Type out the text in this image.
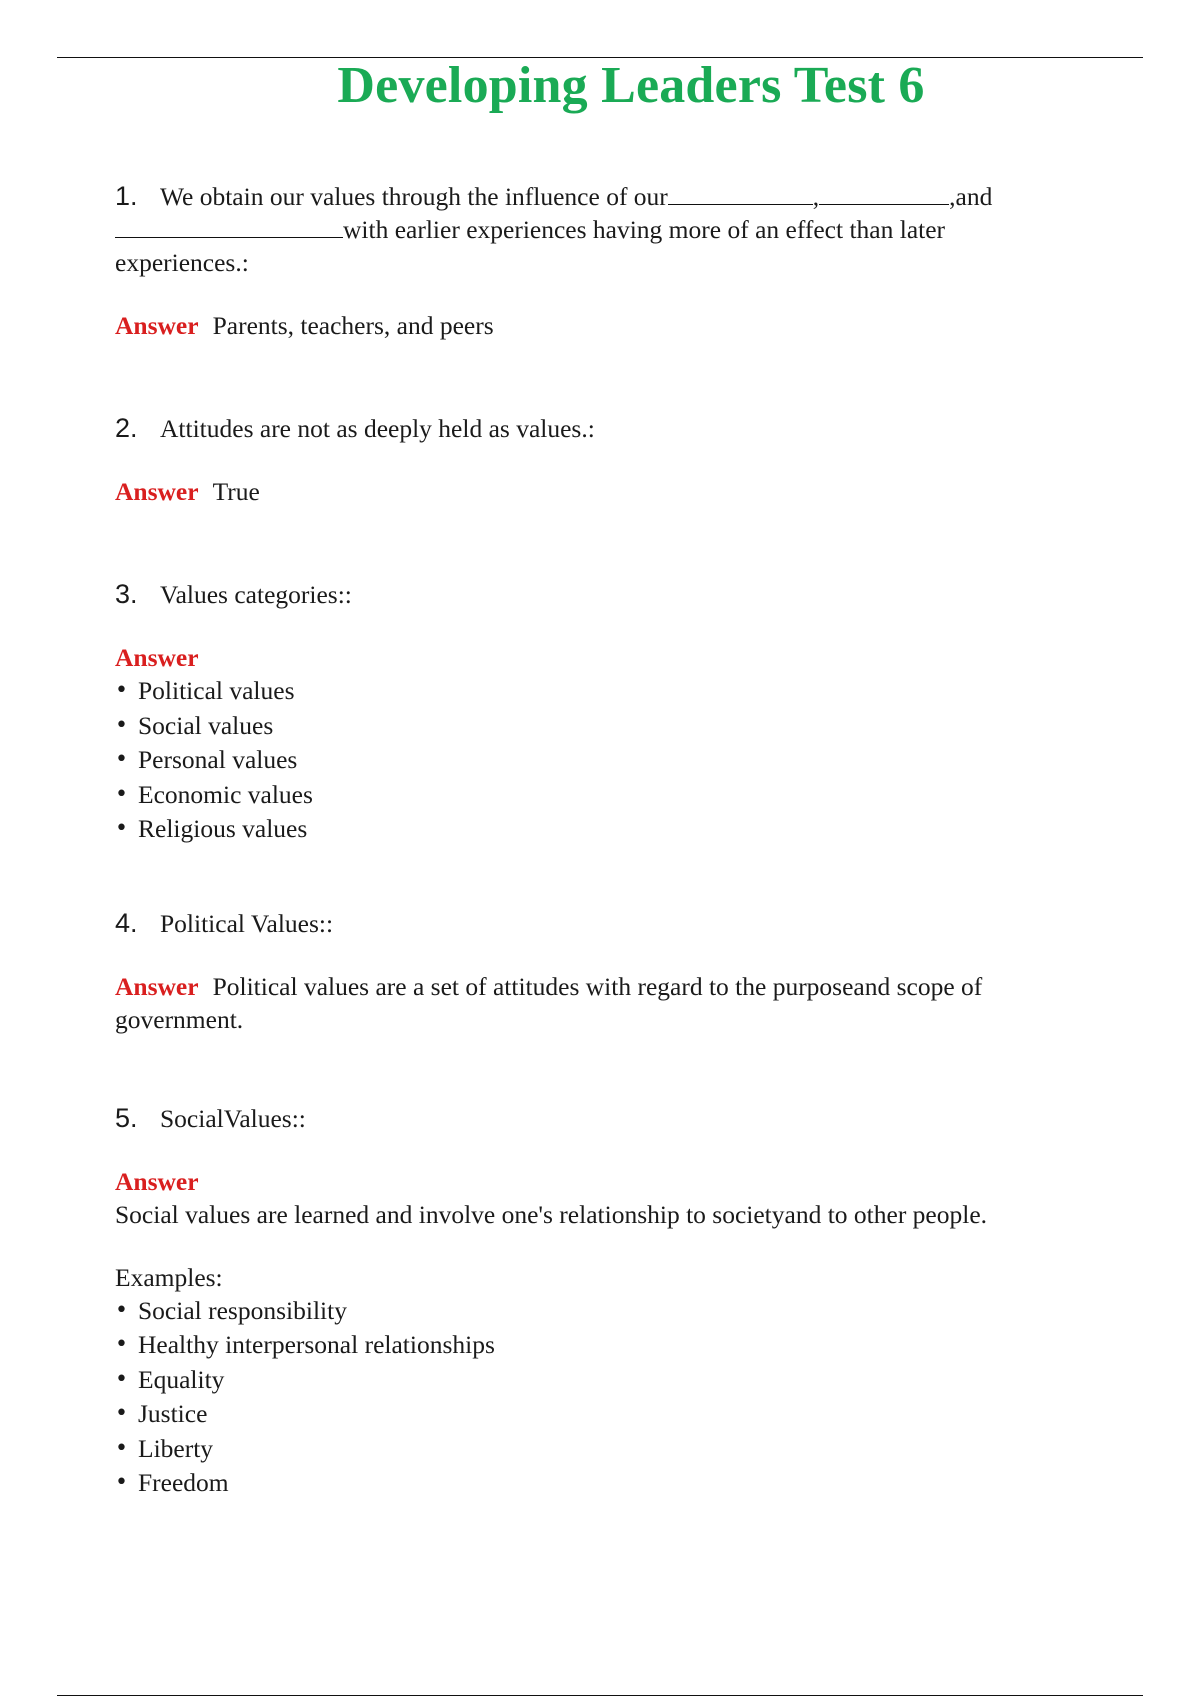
Developing Leaders Test 6
1. We obtain our values through the influence of our	,	,and
with earlier experiences having more of an effect than later
experiences.:
Answer Parents, teachers, and peers
2. Attitudes are not as deeply held as values.:
Answer True
3. Values categories::
Answer
• Political values
• Social values
• Personal values
• Economic values
• Religious values
4. Political Values::
Answer Political values are a set of attitudes with regard to the purposeand scope of government.
5. SocialValues::
Answer
Social values are learned and involve one's relationship to societyand to other people.
Examples:
• Social responsibility
• Healthy interpersonal relationships
• Equality
• Justice
• Liberty
• Freedom
